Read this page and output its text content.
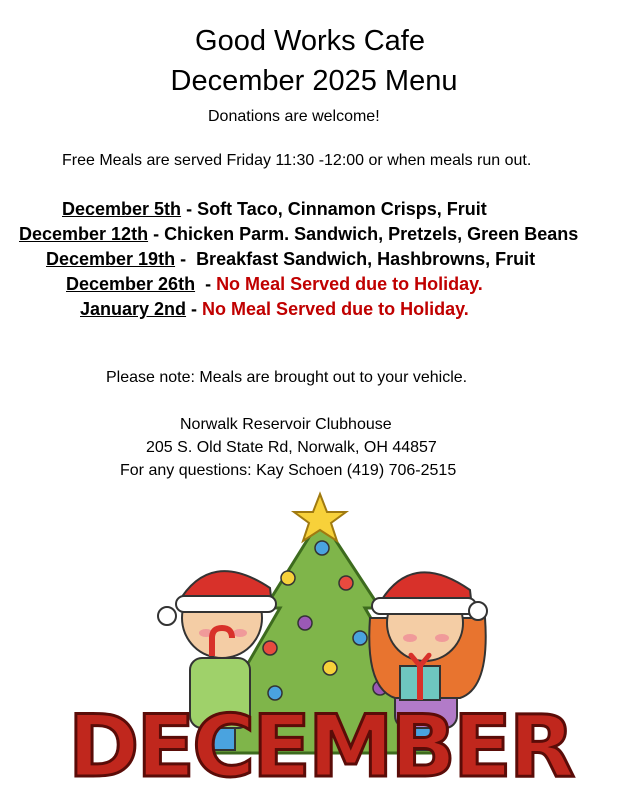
Good Works Cafe
December 2025 Menu
Donations are welcome!
Free Meals are served Friday 11:30 -12:00 or when meals run out.
December 5th - Soft Taco, Cinnamon Crisps, Fruit
December 12th - Chicken Parm. Sandwich, Pretzels, Green Beans
December 19th -  Breakfast Sandwich, Hashbrowns, Fruit
December 26th  - No Meal Served due to Holiday.
January 2nd - No Meal Served due to Holiday.
Please note: Meals are brought out to your vehicle.
Norwalk Reservoir Clubhouse
205 S. Old State Rd, Norwalk, OH 44857
For any questions: Kay Schoen (419) 706-2515
DECEMBER
